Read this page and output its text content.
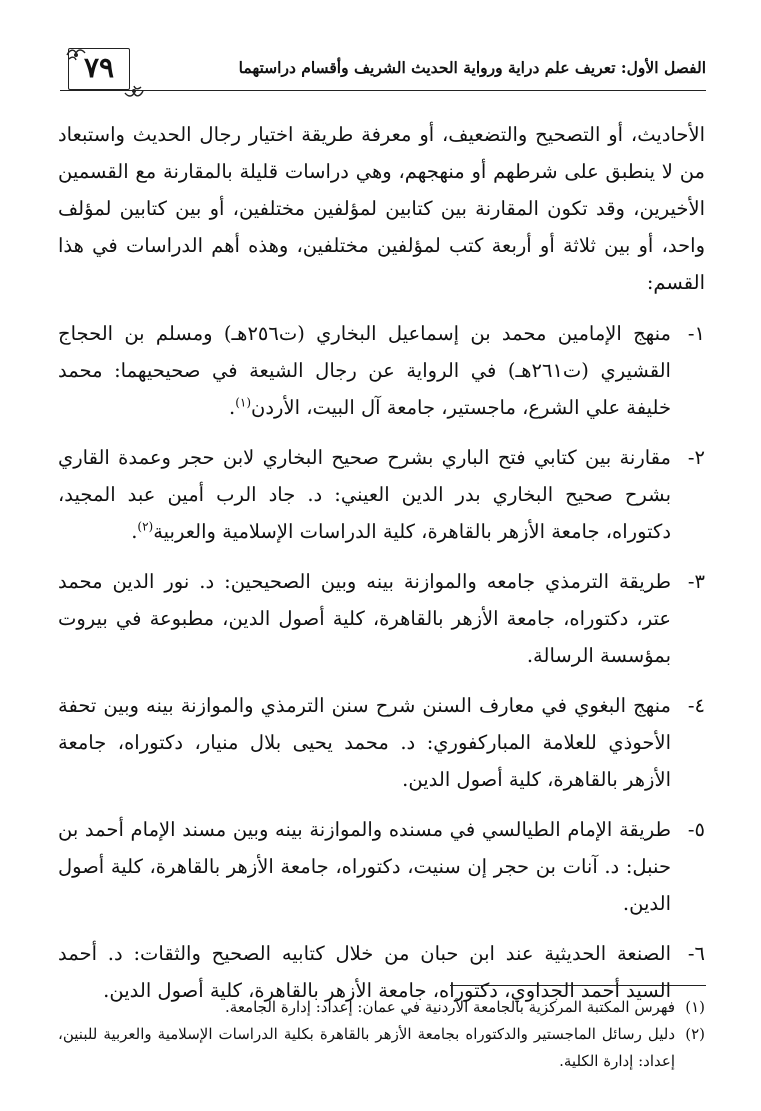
٧٩	الفصل الأول: تعريف علم دراية ورواية الحديث الشريف وأقسام دراستهما

الأحاديث، أو التصحيح والتضعيف، أو معرفة طريقة اختيار رجال الحديث واستبعاد من لا ينطبق على شرطهم أو منهجهم، وهي دراسات قليلة بالمقارنة مع القسمين الأخيرين، وقد تكون المقارنة بين كتابين لمؤلفين مختلفين، أو بين كتابين لمؤلف واحد، أو بين ثلاثة أو أربعة كتب لمؤلفين مختلفين، وهذه أهم الدراسات في هذا القسم:

١-
منهج الإمامين محمد بن إسماعيل البخاري (ت٢٥٦هـ) ومسلم بن الحجاج القشيري (ت٢٦١هـ) في الرواية عن رجال الشيعة في صحيحيهما: محمد خليفة علي الشرع، ماجستير، جامعة آل البيت، الأردن$^{(١)}$.
٢-
مقارنة بين كتابي فتح الباري بشرح صحيح البخاري لابن حجر وعمدة القاري بشرح صحيح البخاري بدر الدين العيني: د. جاد الرب أمين عبد المجيد، دكتوراه، جامعة الأزهر بالقاهرة، كلية الدراسات الإسلامية والعربية$^{(٢)}$.
٣-
طريقة الترمذي جامعه والموازنة بينه وبين الصحيحين: د. نور الدين محمد عتر، دكتوراه، جامعة الأزهر بالقاهرة، كلية أصول الدين، مطبوعة في بيروت بمؤسسة الرسالة.
٤-
منهج البغوي في معارف السنن شرح سنن الترمذي والموازنة بينه وبين تحفة الأحوذي للعلامة المباركفوري: د. محمد يحيى بلال منيار، دكتوراه، جامعة الأزهر بالقاهرة، كلية أصول الدين.
٥-
طريقة الإمام الطيالسي في مسنده والموازنة بينه وبين مسند الإمام أحمد بن حنبل: د. آنات بن حجر إن سنيت، دكتوراه، جامعة الأزهر بالقاهرة، كلية أصول الدين.
٦-
الصنعة الحديثية عند ابن حبان من خلال كتابيه الصحيح والثقات: د. أحمد السيد أحمد الجداوي، دكتوراه، جامعة الأزهر بالقاهرة، كلية أصول الدين.
(١)
فهرس المكتبة المركزية بالجامعة الأردنية في عمان: إعداد: إدارة الجامعة.
(٢)
دليل رسائل الماجستير والدكتوراه بجامعة الأزهر بالقاهرة بكلية الدراسات الإسلامية والعربية للبنين، إعداد: إدارة الكلية.
